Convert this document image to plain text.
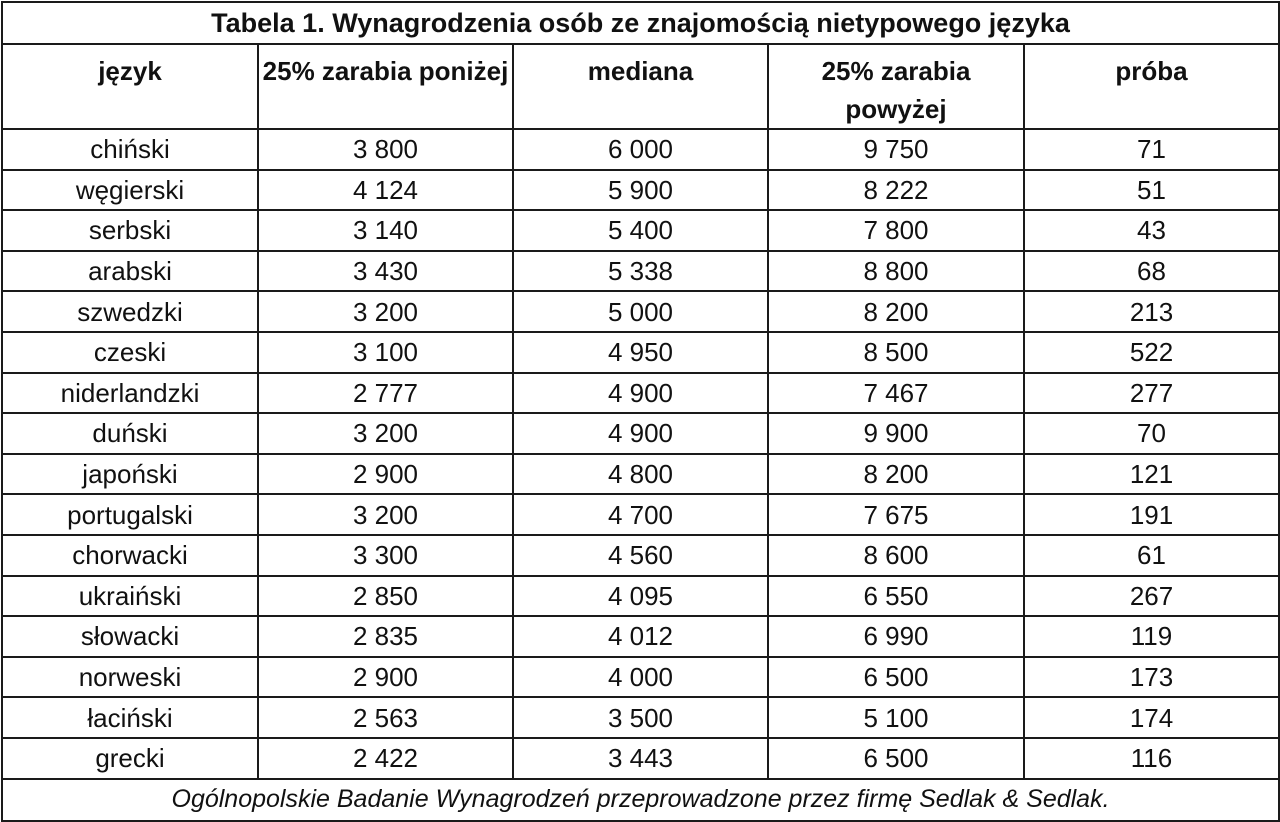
Tabela 1. Wynagrodzenia osób ze znajomością nietypowego języka				
język	25% zarabia poniżej	mediana	25% zarabia powyżej	próba
chiński	3 800	6 000	9 750	71
węgierski	4 124	5 900	8 222	51
serbski	3 140	5 400	7 800	43
arabski	3 430	5 338	8 800	68
szwedzki	3 200	5 000	8 200	213
czeski	3 100	4 950	8 500	522
niderlandzki	2 777	4 900	7 467	277
duński	3 200	4 900	9 900	70
japoński	2 900	4 800	8 200	121
portugalski	3 200	4 700	7 675	191
chorwacki	3 300	4 560	8 600	61
ukraiński	2 850	4 095	6 550	267
słowacki	2 835	4 012	6 990	119
norweski	2 900	4 000	6 500	173
łaciński	2 563	3 500	5 100	174
grecki	2 422	3 443	6 500	116
Ogólnopolskie Badanie Wynagrodzeń przeprowadzone przez firmę Sedlak & Sedlak.				
